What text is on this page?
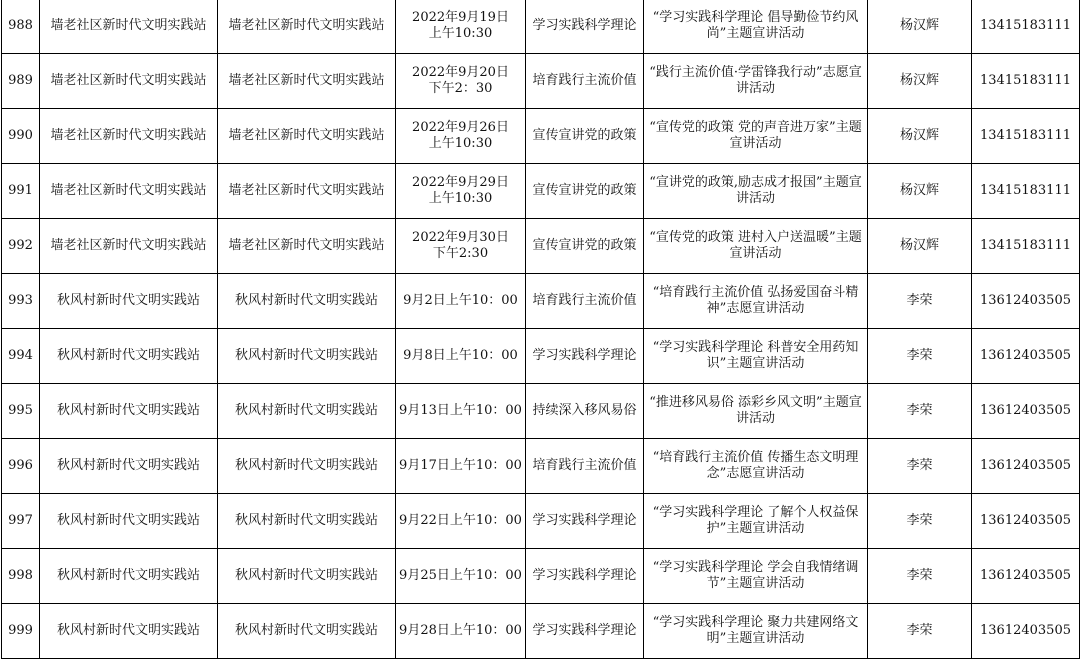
988	墙老社区新时代文明实践站	墙老社区新时代文明实践站	2022年9月19日
上午10:30	学习实践科学理论	“学习实践科学理论 倡导勤俭节约风
尚”主题宣讲活动	杨汉辉	13415183111
989	墙老社区新时代文明实践站	墙老社区新时代文明实践站	2022年9月20日
下午2：30	培育践行主流价值	“践行主流价值·学雷锋我行动”志愿宣
讲活动	杨汉辉	13415183111
990	墙老社区新时代文明实践站	墙老社区新时代文明实践站	2022年9月26日
上午10:30	宣传宣讲党的政策	“宣传党的政策 党的声音进万家”主题
宣讲活动	杨汉辉	13415183111
991	墙老社区新时代文明实践站	墙老社区新时代文明实践站	2022年9月29日
上午10:30	宣传宣讲党的政策	“宣讲党的政策,励志成才报国”主题宣
讲活动	杨汉辉	13415183111
992	墙老社区新时代文明实践站	墙老社区新时代文明实践站	2022年9月30日
下午2:30	宣传宣讲党的政策	“宣传党的政策 进村入户送温暖”主题
宣讲活动	杨汉辉	13415183111
993	秋风村新时代文明实践站	秋风村新时代文明实践站	9月2日上午10：00	培育践行主流价值	“培育践行主流价值 弘扬爱国奋斗精
神”志愿宣讲活动	李荣	13612403505
994	秋风村新时代文明实践站	秋风村新时代文明实践站	9月8日上午10：00	学习实践科学理论	“学习实践科学理论 科普安全用药知
识”主题宣讲活动	李荣	13612403505
995	秋风村新时代文明实践站	秋风村新时代文明实践站	9月13日上午10：00	持续深入移风易俗	“推进移风易俗 添彩乡风文明”主题宣
讲活动	李荣	13612403505
996	秋风村新时代文明实践站	秋风村新时代文明实践站	9月17日上午10：00	培育践行主流价值	“培育践行主流价值 传播生态文明理
念”志愿宣讲活动	李荣	13612403505
997	秋风村新时代文明实践站	秋风村新时代文明实践站	9月22日上午10：00	学习实践科学理论	“学习实践科学理论 了解个人权益保
护”主题宣讲活动	李荣	13612403505
998	秋风村新时代文明实践站	秋风村新时代文明实践站	9月25日上午10：00	学习实践科学理论	“学习实践科学理论 学会自我情绪调
节”主题宣讲活动	李荣	13612403505
999	秋风村新时代文明实践站	秋风村新时代文明实践站	9月28日上午10：00	学习实践科学理论	“学习实践科学理论 聚力共建网络文
明”主题宣讲活动	李荣	13612403505
